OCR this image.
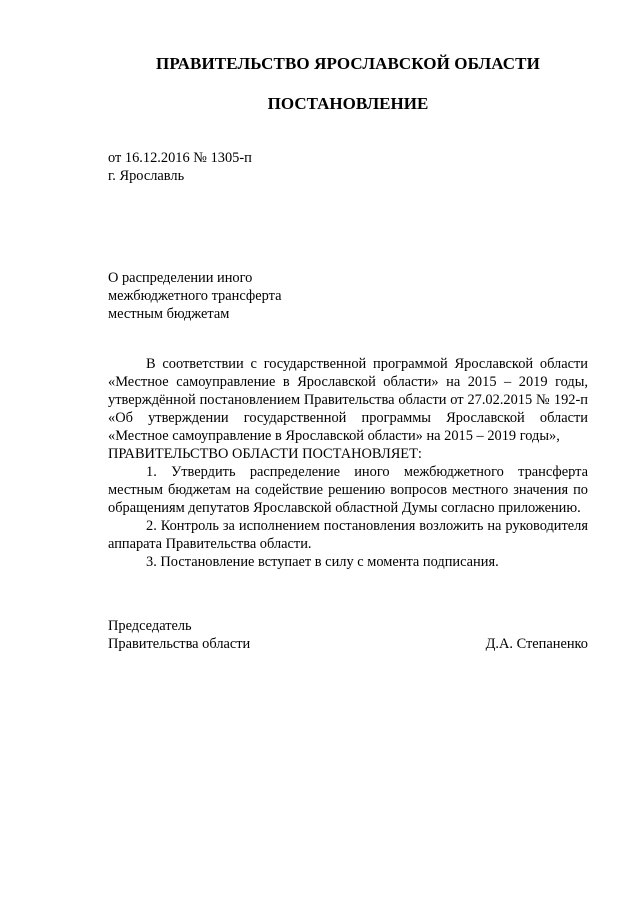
ПРАВИТЕЛЬСТВО ЯРОСЛАВСКОЙ ОБЛАСТИ
ПОСТАНОВЛЕНИЕ
от 16.12.2016 № 1305-п
г. Ярославль
О распределении иного
межбюджетного трансферта
местным бюджетам

В соответствии с государственной программой Ярославской области «Местное самоуправление в Ярославской области» на 2015 – 2019 годы, утверждённой постановлением Правительства области от 27.02.2015 № 192-п «Об утверждении государственной программы Ярославской области «Местное самоуправление в Ярославской области» на 2015 – 2019 годы»,

ПРАВИТЕЛЬСТВО ОБЛАСТИ ПОСТАНОВЛЯЕТ:

1. Утвердить распределение иного межбюджетного трансферта местным бюджетам на содействие решению вопросов местного значения по обращениям депутатов Ярославской областной Думы согласно приложению.

2. Контроль за исполнением постановления возложить на руководителя аппарата Правительства области.

3. Постановление вступает в силу с момента подписания.

Председатель
Правительства области	Д.А. Степаненко
